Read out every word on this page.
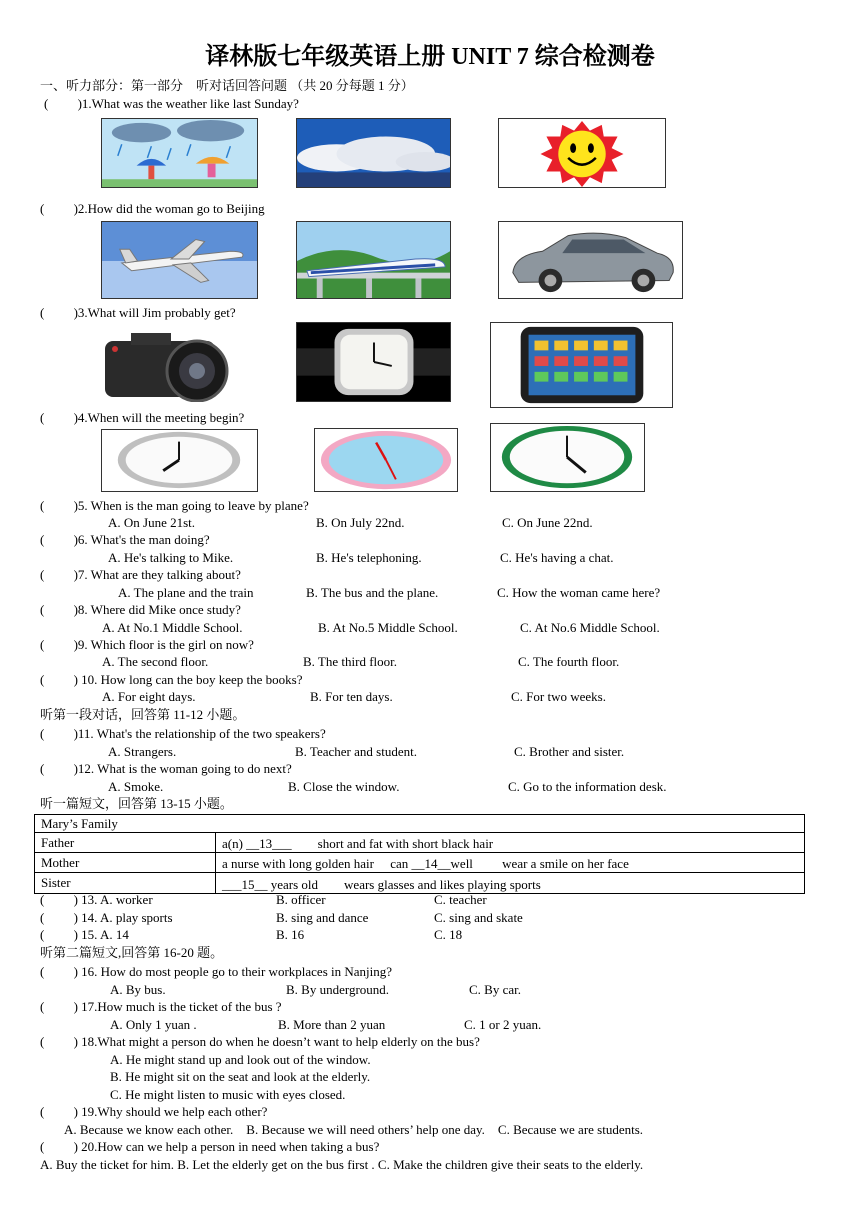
译林版七年级英语上册 UNIT 7 综合检测卷
一、听力部分：第一部分　听对话回答问题 （共 20 分每题 1 分）
(　　 )1.What was the weather like last Sunday?
(　　 )2.How did the woman go to Beijing
(　　 )3.What will Jim probably get?
(　　 )4.When will the meeting begin?
(　　 )5. When is the man going to leave by plane?
A. On June 21st.	B. On July 22nd.	C. On June 22nd.
(　　 )6. What's the man doing?
A. He's talking to Mike.	B. He's telephoning.	C. He's having a chat.
(　　 )7. What are they talking about?
A. The plane and the train	B. The bus and the plane.	C. How the woman came here?
(　　 )8. Where did Mike once study?
A. At No.1 Middle School.	B. At No.5 Middle School.	C. At No.6 Middle School.
(　　 )9. Which floor is the girl on now?
A. The second floor.	B. The third floor.	C. The fourth floor.
(　　 ) 10. How long can the boy keep the books?
A. For eight days.	B. For ten days.	C. For two weeks.
听第一段对话，回答第 11-12 小题。
(　　 )11. What's the relationship of the two speakers?
A. Strangers.	B. Teacher and student.	C. Brother and sister.
(　　 )12. What is the woman going to do next?
A. Smoke.	B. Close the window.	C. Go to the information desk.
听一篇短文，回答第 13-15 小题。
Mary’s Family	
Father	a(n) __13___　　short and fat with short black hair
Mother	a nurse with long golden hair　 can __14__well　　 wear a smile on her face
Sister	___15__ years old　　wears glasses and likes playing sports
(　　 ) 13. A. worker	B. officer	C. teacher
(　　 ) 14. A. play sports	B. sing and dance	C. sing and skate
(　　 ) 15. A. 14	B. 16	C. 18
听第二篇短文,回答第 16-20 题。
(　　 ) 16. How do most people go to their workplaces in Nanjing?
A. By bus.	B. By underground.	C. By car.
(　　 ) 17.How much is the ticket of the bus ?
A. Only 1 yuan .	B. More than 2 yuan	C. 1 or 2 yuan.
(　　 ) 18.What might a person do when he doesn’t want to help elderly on the bus?
A. He might stand up and look out of the window.
B. He might sit on the seat and look at the elderly.
C. He might listen to music with eyes closed.
(　　 ) 19.Why should we help each other?
A. Because we know each other.　B. Because we will need others’ help one day.　C. Because we are students.
(　　 ) 20.How can we help a person in need when taking a bus?
A. Buy the ticket for him. B. Let the elderly get on the bus first . C. Make the children give their seats to the elderly.
